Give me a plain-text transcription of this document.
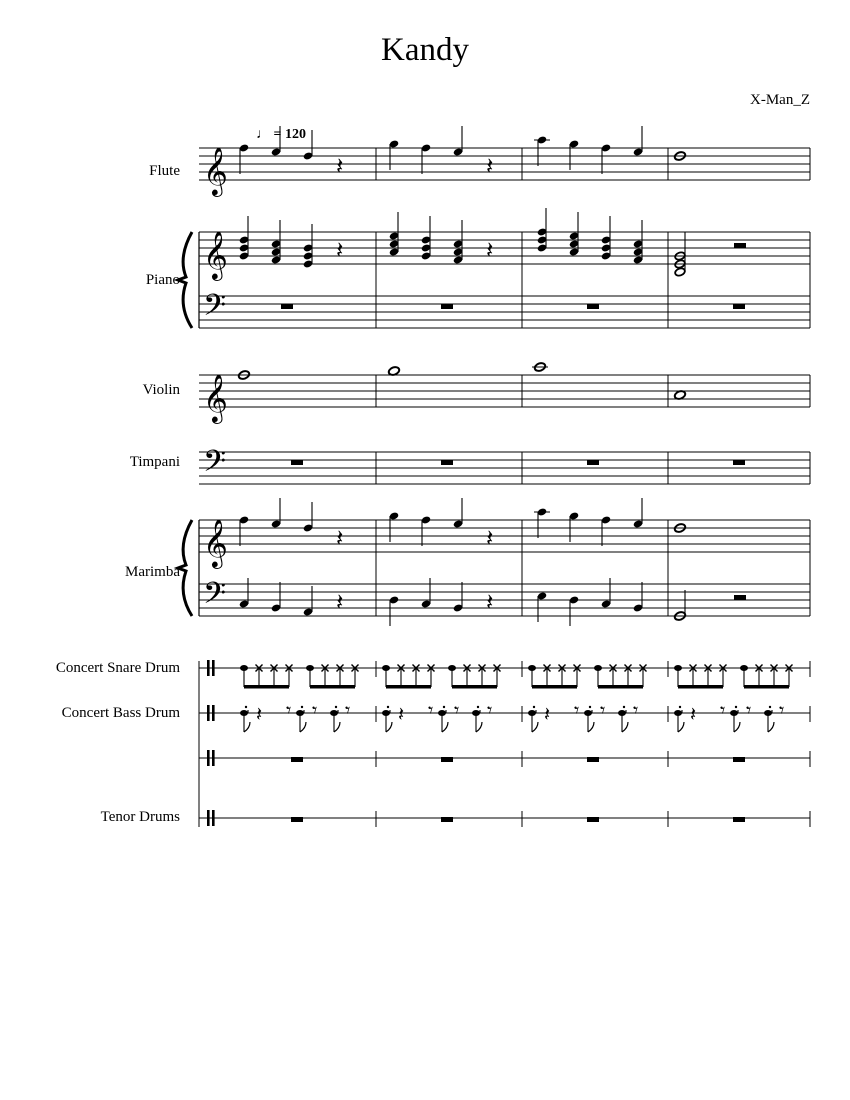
Kandy
X-Man_Z
♩ = 120
Flute
Piano
Violin
Timpani
Marimba
Concert Snare Drum
Concert Bass Drum
Tenor Drums
𝄞	𝄽	𝄽
𝄞
𝄢
𝄽	𝄽
𝄞
𝄢
𝄞
𝄢
𝄽	𝄽
𝄽	𝄽
𝄽 𝄾 𝄾 𝄾 𝄽 𝄾 𝄾 𝄾	𝄽 𝄾 𝄾 𝄾	𝄽 𝄾 𝄾 𝄾
